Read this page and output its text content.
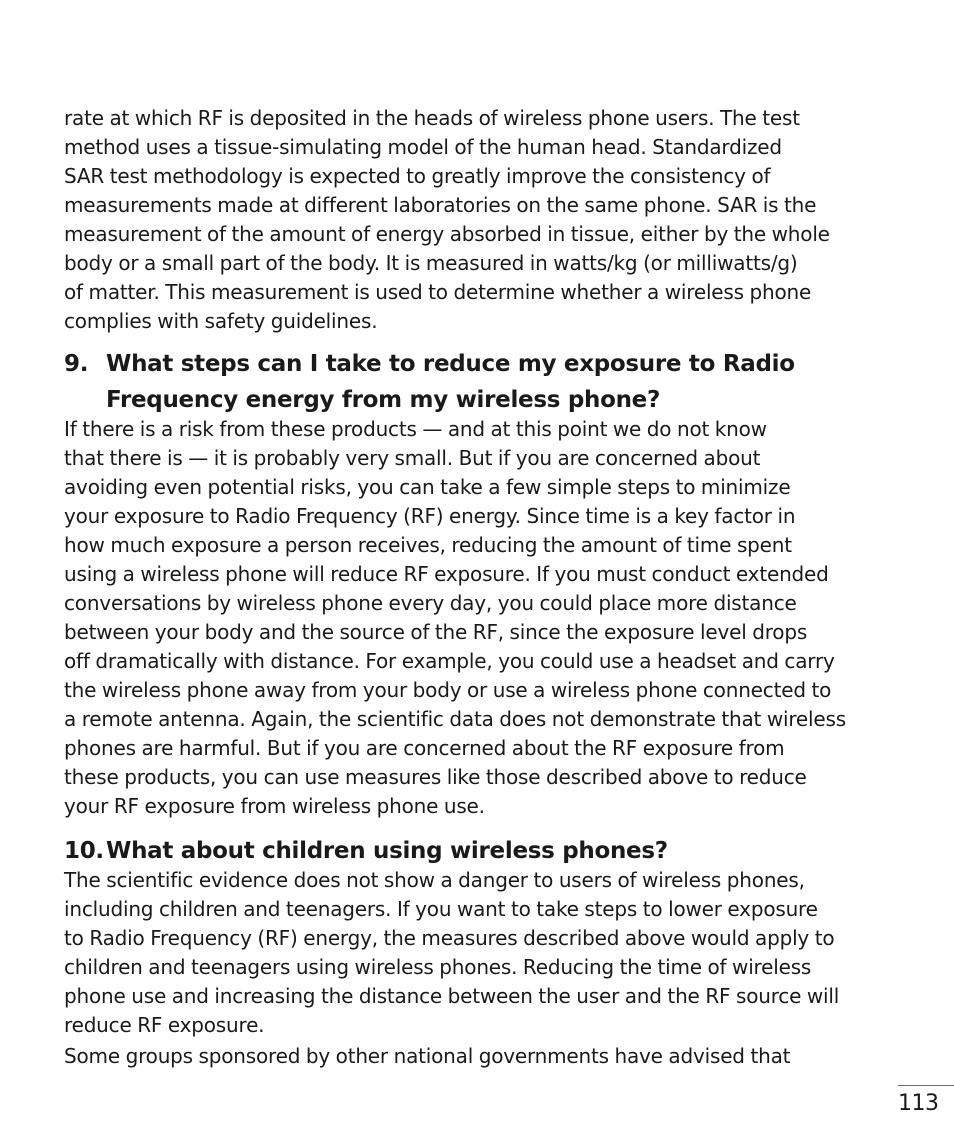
rate at which RF is deposited in the heads of wireless phone users. The test
method uses a tissue-simulating model of the human head. Standardized
SAR test methodology is expected to greatly improve the consistency of
measurements made at different laboratories on the same phone. SAR is the
measurement of the amount of energy absorbed in tissue, either by the whole
body or a small part of the body. It is measured in watts/kg (or milliwatts/g)
of matter. This measurement is used to determine whether a wireless phone
complies with safety guidelines.

9. What steps can I take to reduce my exposure to Radio
Frequency energy from my wireless phone?

If there is a risk from these products — and at this point we do not know
that there is — it is probably very small. But if you are concerned about
avoiding even potential risks, you can take a few simple steps to minimize
your exposure to Radio Frequency (RF) energy. Since time is a key factor in
how much exposure a person receives, reducing the amount of time spent
using a wireless phone will reduce RF exposure. If you must conduct extended
conversations by wireless phone every day, you could place more distance
between your body and the source of the RF, since the exposure level drops
off dramatically with distance. For example, you could use a headset and carry
the wireless phone away from your body or use a wireless phone connected to
a remote antenna. Again, the scientific data does not demonstrate that wireless
phones are harmful. But if you are concerned about the RF exposure from
these products, you can use measures like those described above to reduce
your RF exposure from wireless phone use.

10. What about children using wireless phones?

The scientific evidence does not show a danger to users of wireless phones,
including children and teenagers. If you want to take steps to lower exposure
to Radio Frequency (RF) energy, the measures described above would apply to
children and teenagers using wireless phones. Reducing the time of wireless
phone use and increasing the distance between the user and the RF source will
reduce RF exposure.

Some groups sponsored by other national governments have advised that

113
